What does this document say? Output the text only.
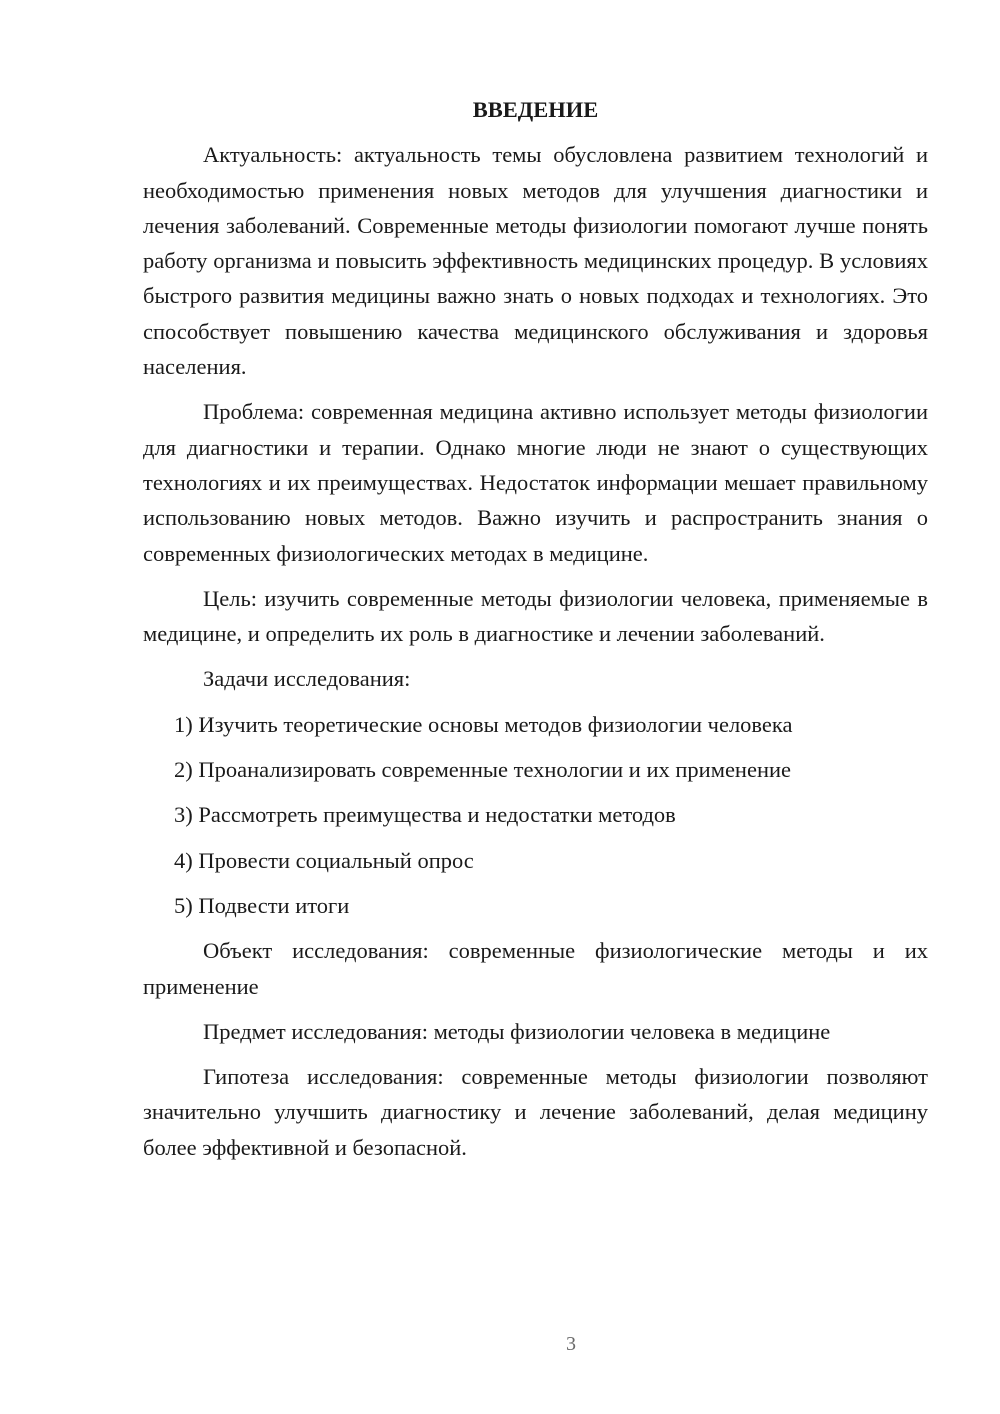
ВВЕДЕНИЕ

Актуальность: актуальность темы обусловлена развитием технологий и необходимостью применения новых методов для улучшения диагностики и лечения заболеваний. Современные методы физиологии помогают лучше понять работу организма и повысить эффективность медицинских процедур. В условиях быстрого развития медицины важно знать о новых подходах и технологиях. Это способствует повышению качества медицинского обслуживания и здоровья населения.

Проблема: современная медицина активно использует методы физиологии для диагностики и терапии. Однако многие люди не знают о существующих технологиях и их преимуществах. Недостаток информации мешает правильному использованию новых методов. Важно изучить и распространить знания о современных физиологических методах в медицине.

Цель: изучить современные методы физиологии человека, применяемые в медицине, и определить их роль в диагностике и лечении заболеваний.

Задачи исследования:
1) Изучить теоретические основы методов физиологии человека
2) Проанализировать современные технологии и их применение
3) Рассмотреть преимущества и недостатки методов
4) Провести социальный опрос
5) Подвести итоги

Объект исследования: современные физиологические методы и их применение

Предмет исследования: методы физиологии человека в медицине

Гипотеза исследования: современные методы физиологии позволяют значительно улучшить диагностику и лечение заболеваний, делая медицину более эффективной и безопасной.

3
